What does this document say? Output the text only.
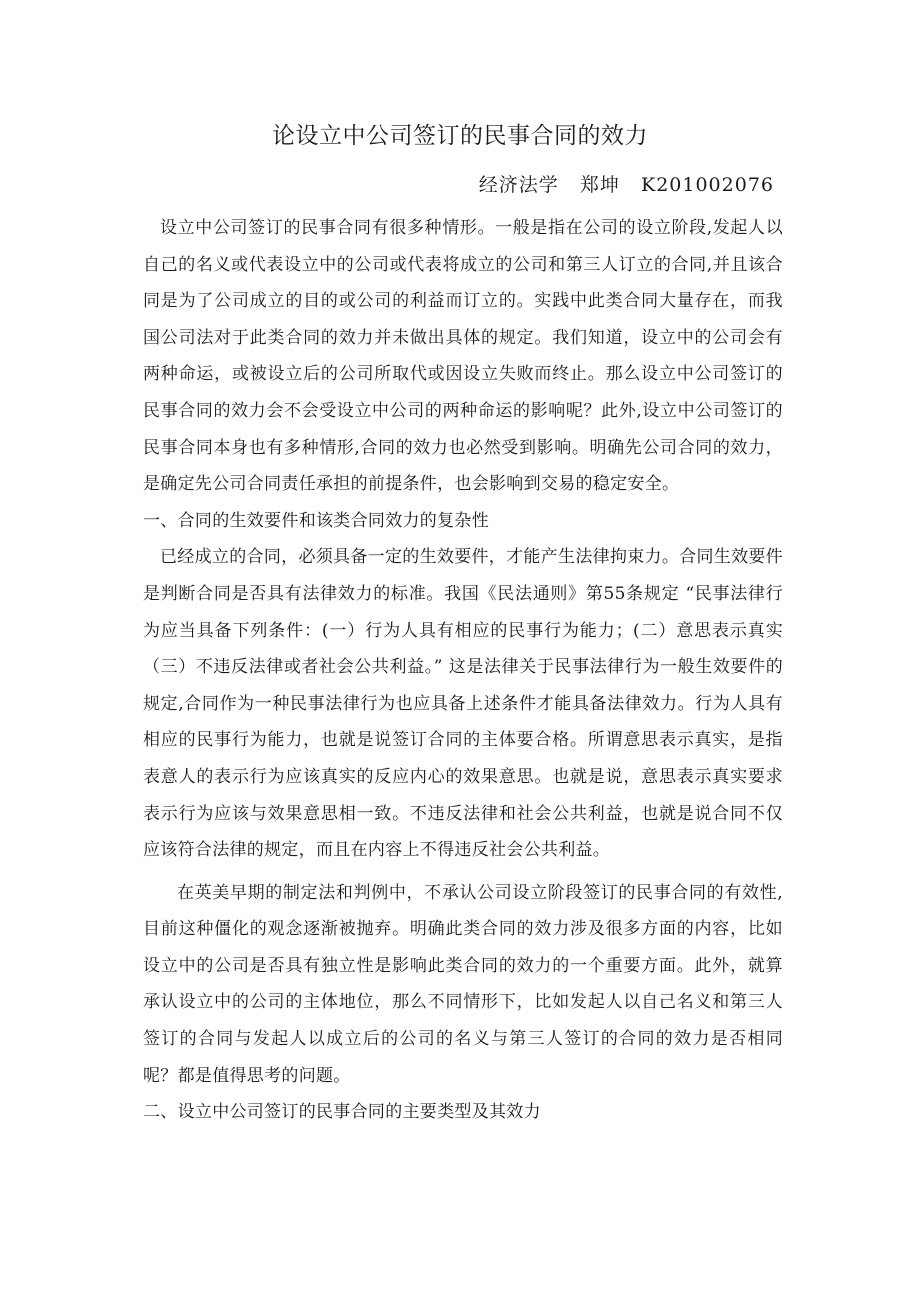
论设立中公司签订的民事合同的效力
经济法学   郑坤   K201002076

设立中公司签订的民事合同有很多种情形。一般是指在公司的设立阶段,发起人以自己的名义或代表设立中的公司或代表将成立的公司和第三人订立的合同,并且该合同是为了公司成立的目的或公司的利益而订立的。实践中此类合同大量存在，而我国公司法对于此类合同的效力并未做出具体的规定。我们知道，设立中的公司会有两种命运，或被设立后的公司所取代或因设立失败而终止。那么设立中公司签订的民事合同的效力会不会受设立中公司的两种命运的影响呢？此外,设立中公司签订的民事合同本身也有多种情形,合同的效力也必然受到影响。明确先公司合同的效力，是确定先公司合同责任承担的前提条件，也会影响到交易的稳定安全。

一、合同的生效要件和该类合同效力的复杂性

已经成立的合同，必须具备一定的生效要件，才能产生法律拘束力。合同生效要件是判断合同是否具有法律效力的标准。我国《民法通则》第55条规定 “民事法律行为应当具备下列条件：(一）行为人具有相应的民事行为能力；(二）意思表示真实（三）不违反法律或者社会公共利益。” 这是法律关于民事法律行为一般生效要件的规定,合同作为一种民事法律行为也应具备上述条件才能具备法律效力。行为人具有相应的民事行为能力，也就是说签订合同的主体要合格。所谓意思表示真实，是指表意人的表示行为应该真实的反应内心的效果意思。也就是说，意思表示真实要求表示行为应该与效果意思相一致。不违反法律和社会公共利益，也就是说合同不仅应该符合法律的规定，而且在内容上不得违反社会公共利益。

在英美早期的制定法和判例中，不承认公司设立阶段签订的民事合同的有效性,目前这种僵化的观念逐渐被抛弃。明确此类合同的效力涉及很多方面的内容，比如设立中的公司是否具有独立性是影响此类合同的效力的一个重要方面。此外，就算承认设立中的公司的主体地位，那么不同情形下，比如发起人以自己名义和第三人签订的合同与发起人以成立后的公司的名义与第三人签订的合同的效力是否相同呢？都是值得思考的问题。

二、设立中公司签订的民事合同的主要类型及其效力
